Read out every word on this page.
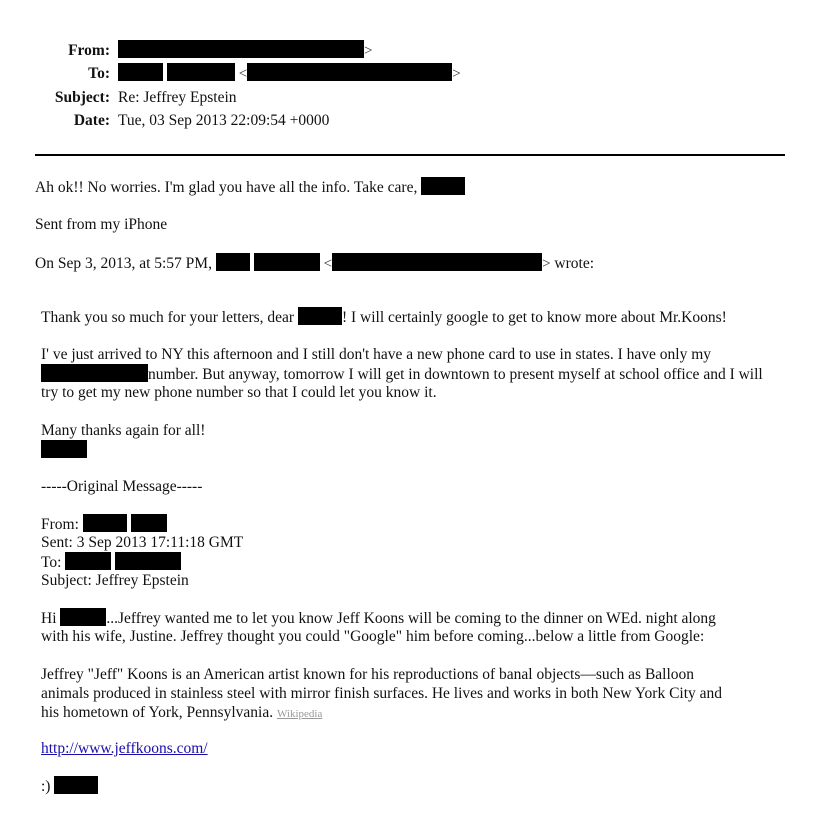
From:	>
To:	<	>
Subject: Re: Jeffrey Epstein
Date: Tue, 03 Sep 2013 22:09:54 +0000
Ah ok!! No worries. I'm glad you have all the info. Take care,
Sent from my iPhone
On Sep 3, 2013, at 5:57 PM,	<	> wrote:
Thank you so much for your letters, dear	! I will certainly google to get to know more about Mr.Koons!
I' ve just arrived to NY this afternoon and I still don't have a new phone card to use in states. I have only my
number. But anyway, tomorrow I will get in downtown to present myself at school office and I will
try to get my new phone number so that I could let you know it.
Many thanks again for all!
-----Original Message-----
From:
Sent: 3 Sep 2013 17:11:18 GMT
To:
Subject: Jeffrey Epstein
Hi	...Jeffrey wanted me to let you know Jeff Koons will be coming to the dinner on WEd. night along
with his wife, Justine. Jeffrey thought you could "Google" him before coming...below a little from Google:
Jeffrey "Jeff" Koons is an American artist known for his reproductions of banal objects—such as Balloon
animals produced in stainless steel with mirror finish surfaces. He lives and works in both New York City and
his hometown of York, Pennsylvania. Wikipedia
http://www.jeffkoons.com/
:)
